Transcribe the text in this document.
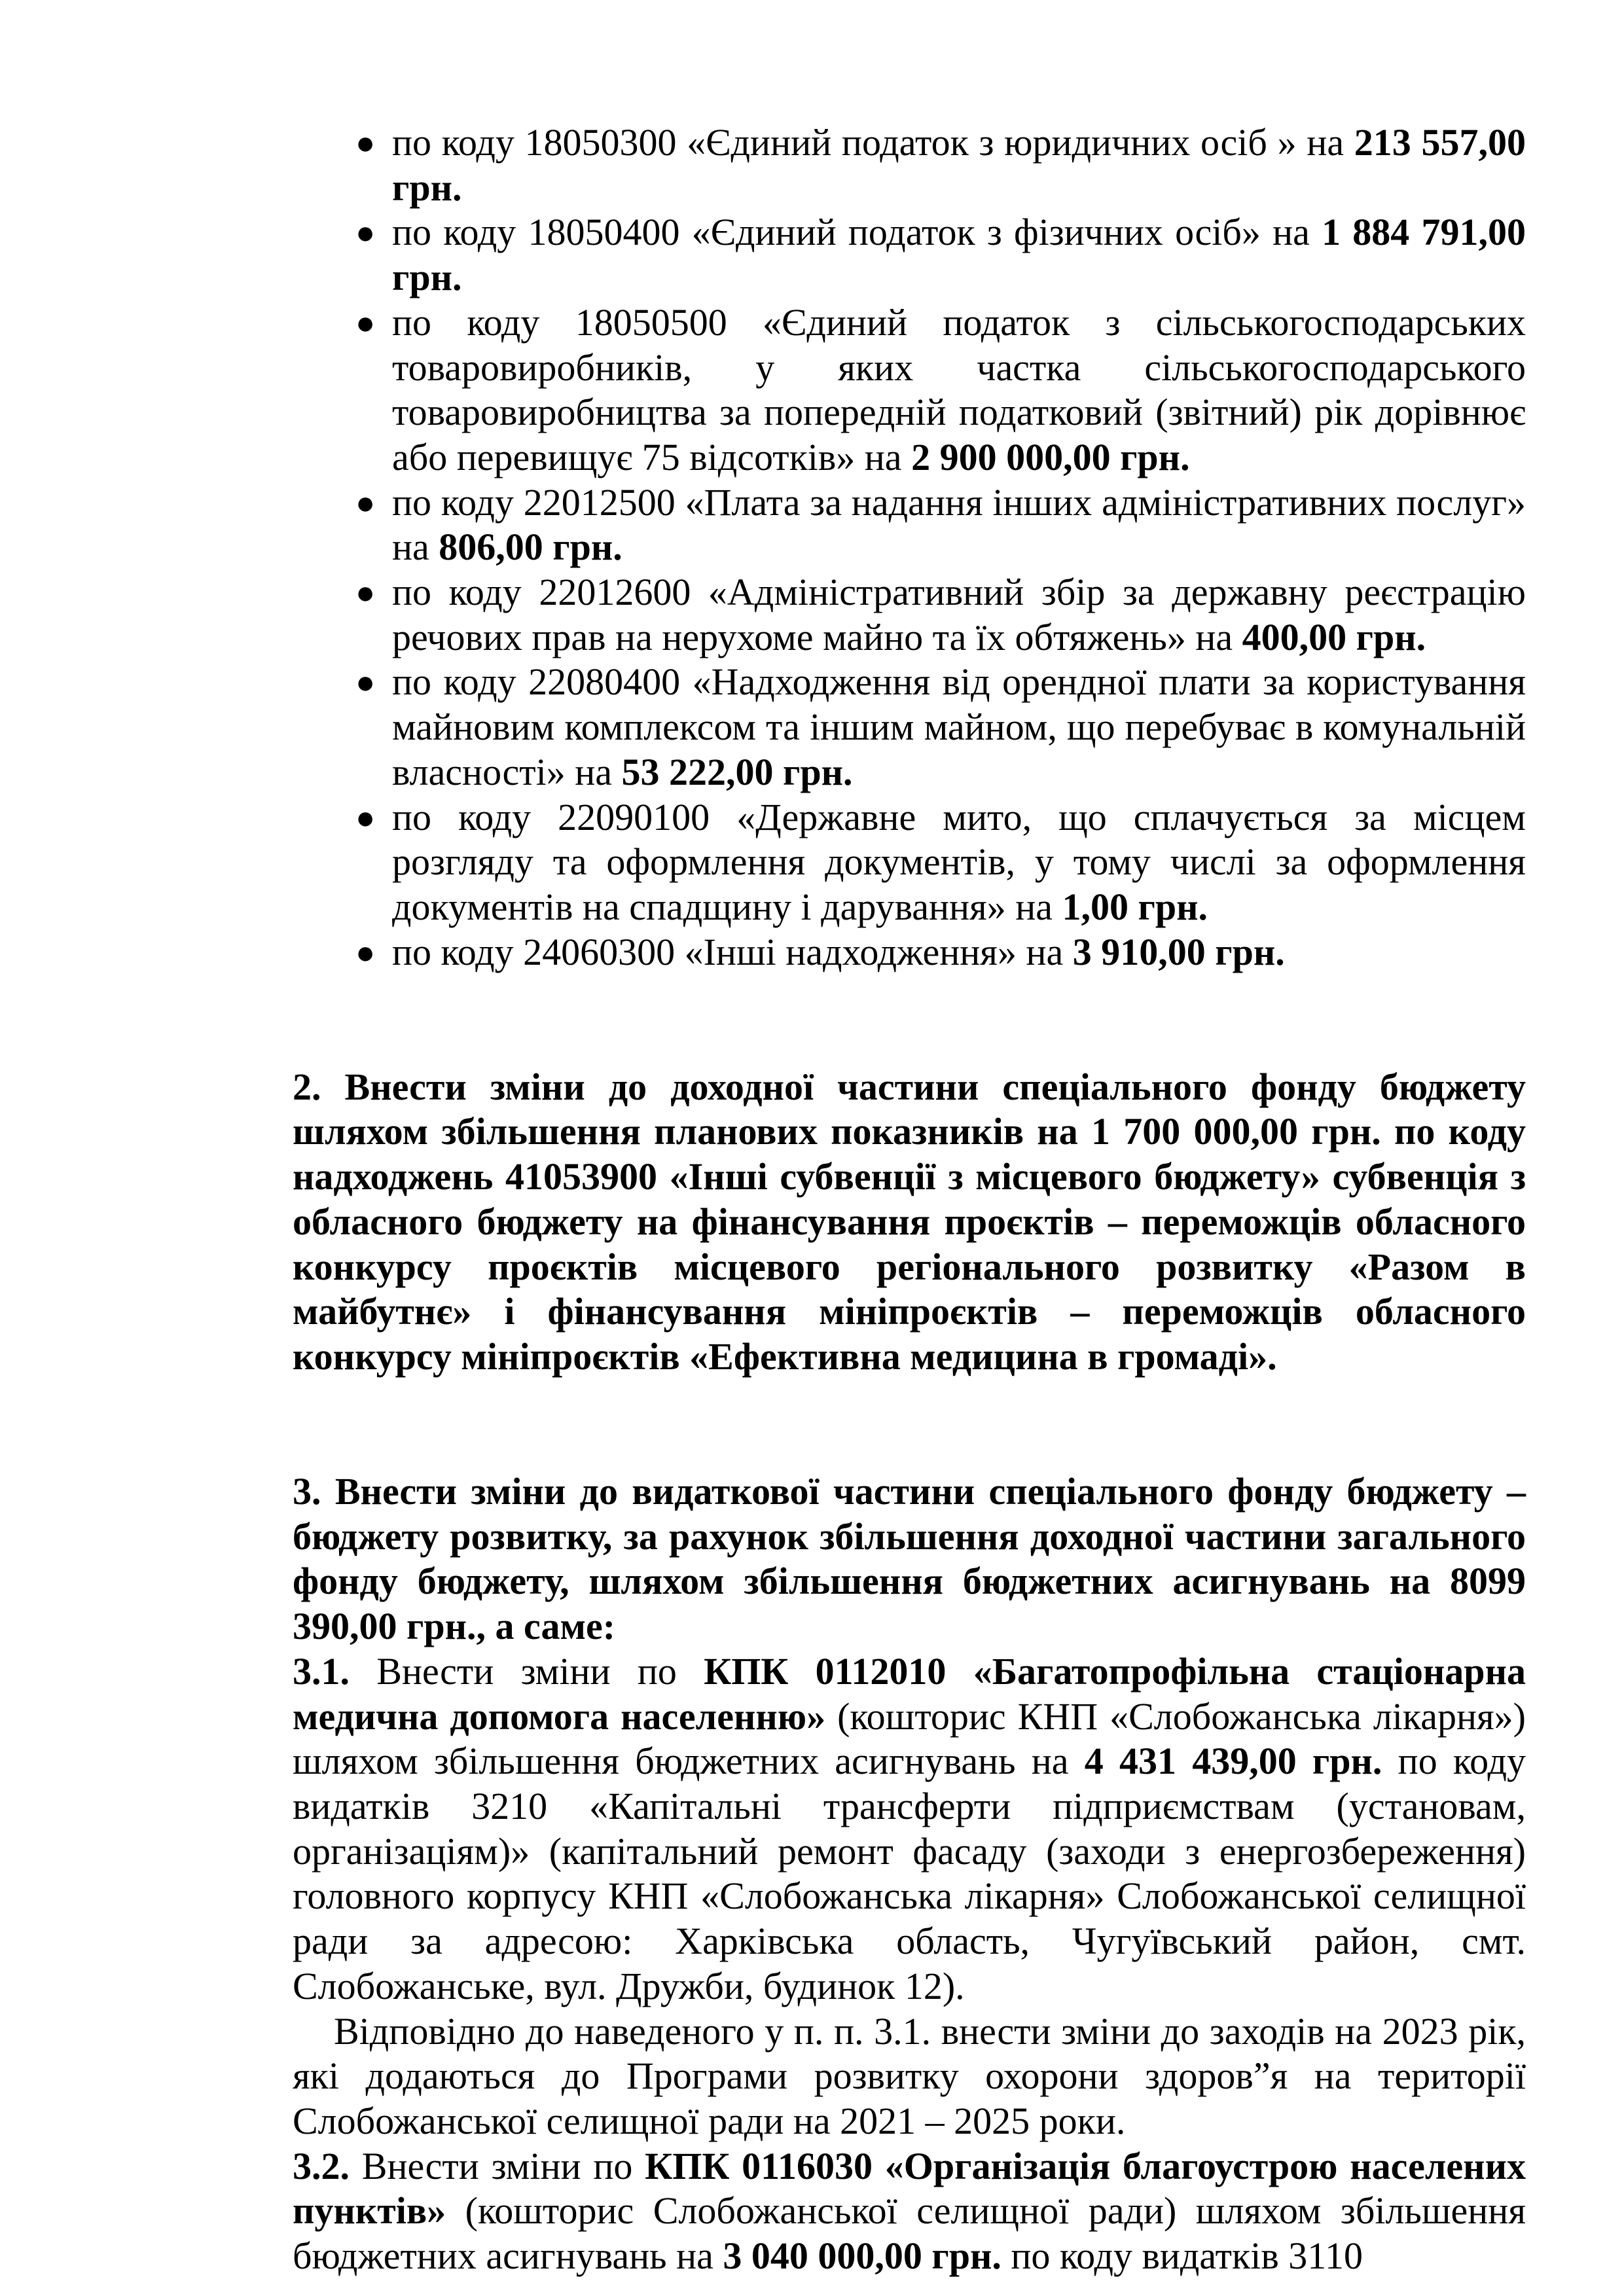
● по коду 18050300 «Єдиний податок з юридичних осіб » на 213 557,00 грн.
● по коду 18050400 «Єдиний податок з фізичних осіб» на 1 884 791,00 грн.
● по коду 18050500 «Єдиний податок з сільськогосподарських товаровиробників, у яких частка сільськогосподарського товаровиробництва за попередній податковий (звітний) рік дорівнює або перевищує 75 відсотків» на 2 900 000,00 грн.
● по коду 22012500 «Плата за надання інших адміністративних послуг» на 806,00 грн.
● по коду 22012600 «Адміністративний збір за державну реєстрацію речових прав на нерухоме майно та їх обтяжень» на 400,00 грн.
● по коду 22080400 «Надходження від орендної плати за користування майновим комплексом та іншим майном, що перебуває в комунальній власності» на 53 222,00 грн.
● по коду 22090100 «Державне мито, що сплачується за місцем розгляду та оформлення документів, у тому числі за оформлення документів на спадщину і дарування» на 1,00 грн.
● по коду 24060300 «Інші надходження» на 3 910,00 грн.

2. Внести зміни до доходної частини спеціального фонду бюджету шляхом збільшення планових показників на 1 700 000,00 грн. по коду надходжень 41053900 «Інші субвенції з місцевого бюджету» субвенція з обласного бюджету на фінансування проєктів – переможців обласного конкурсу проєктів місцевого регіонального розвитку «Разом в майбутнє» і фінансування мініпроєктів – переможців обласного конкурсу мініпроєктів «Ефективна медицина в громаді».

3. Внести зміни до видаткової частини спеціального фонду бюджету – бюджету розвитку, за рахунок збільшення доходної частини загального фонду бюджету, шляхом збільшення бюджетних асигнувань на 8099 390,00 грн., а саме:

3.1. Внести зміни по КПК 0112010 «Багатопрофільна стаціонарна медична допомога населенню» (кошторис КНП «Слобожанська лікарня») шляхом збільшення бюджетних асигнувань на 4 431 439,00 грн. по коду видатків 3210 «Капітальні трансферти підприємствам (установам, організаціям)» (капітальний ремонт фасаду (заходи з енергозбереження) головного корпусу КНП «Слобожанська лікарня» Слобожанської селищної ради за адресою: Харківська область, Чугуївський район, смт. Слобожанське, вул. Дружби, будинок 12).

Відповідно до наведеного у п. п. 3.1. внести зміни до заходів на 2023 рік, які додаються до Програми розвитку охорони здоров”я на території Слобожанської селищної ради на 2021 – 2025 роки.

3.2. Внести зміни по КПК 0116030 «Організація благоустрою населених пунктів» (кошторис Слобожанської селищної ради) шляхом збільшення бюджетних асигнувань на 3 040 000,00 грн. по коду видатків 3110
